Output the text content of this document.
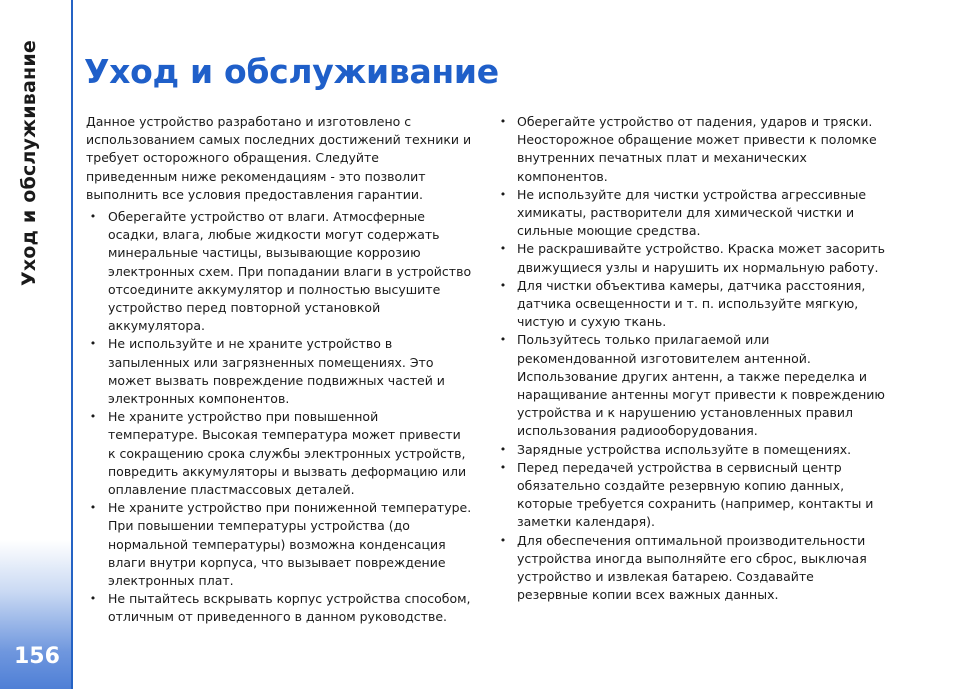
Уход и обслуживание
156
Уход и обслуживание

Данное устройство разработано и изготовлено с использованием самых последних достижений техники и требует осторожного обращения. Следуйте приведенным ниже рекомендациям - это позволит выполнить все условия предоставления гарантии.

• Оберегайте устройство от влаги. Атмосферные осадки, влага, любые жидкости могут содержать минеральные частицы, вызывающие коррозию электронных схем. При попадании влаги в устройство отсоедините аккумулятор и полностью высушите устройство перед повторной установкой аккумулятора.
• Не используйте и не храните устройство в запыленных или загрязненных помещениях. Это может вызвать повреждение подвижных частей и электронных компонентов.
• Не храните устройство при повышенной температуре. Высокая температура может привести к сокращению срока службы электронных устройств, повредить аккумуляторы и вызвать деформацию или оплавление пластмассовых деталей.
• Не храните устройство при пониженной температуре. При повышении температуры устройства (до нормальной температуры) возможна конденсация влаги внутри корпуса, что вызывает повреждение электронных плат.
• Не пытайтесь вскрывать корпус устройства способом, отличным от приведенного в данном руководстве.
• Оберегайте устройство от падения, ударов и тряски. Неосторожное обращение может привести к поломке внутренних печатных плат и механических компонентов.
• Не используйте для чистки устройства агрессивные химикаты, растворители для химической чистки и сильные моющие средства.
• Не раскрашивайте устройство. Краска может засорить движущиеся узлы и нарушить их нормальную работу.
• Для чистки объектива камеры, датчика расстояния, датчика освещенности и т. п. используйте мягкую, чистую и сухую ткань.
• Пользуйтесь только прилагаемой или рекомендованной изготовителем антенной. Использование других антенн, а также переделка и наращивание антенны могут привести к повреждению устройства и к нарушению установленных правил использования радиооборудования.
• Зарядные устройства используйте в помещениях.
• Перед передачей устройства в сервисный центр обязательно создайте резервную копию данных, которые требуется сохранить (например, контакты и заметки календаря).
• Для обеспечения оптимальной производительности устройства иногда выполняйте его сброс, выключая устройство и извлекая батарею. Создавайте резервные копии всех важных данных.
